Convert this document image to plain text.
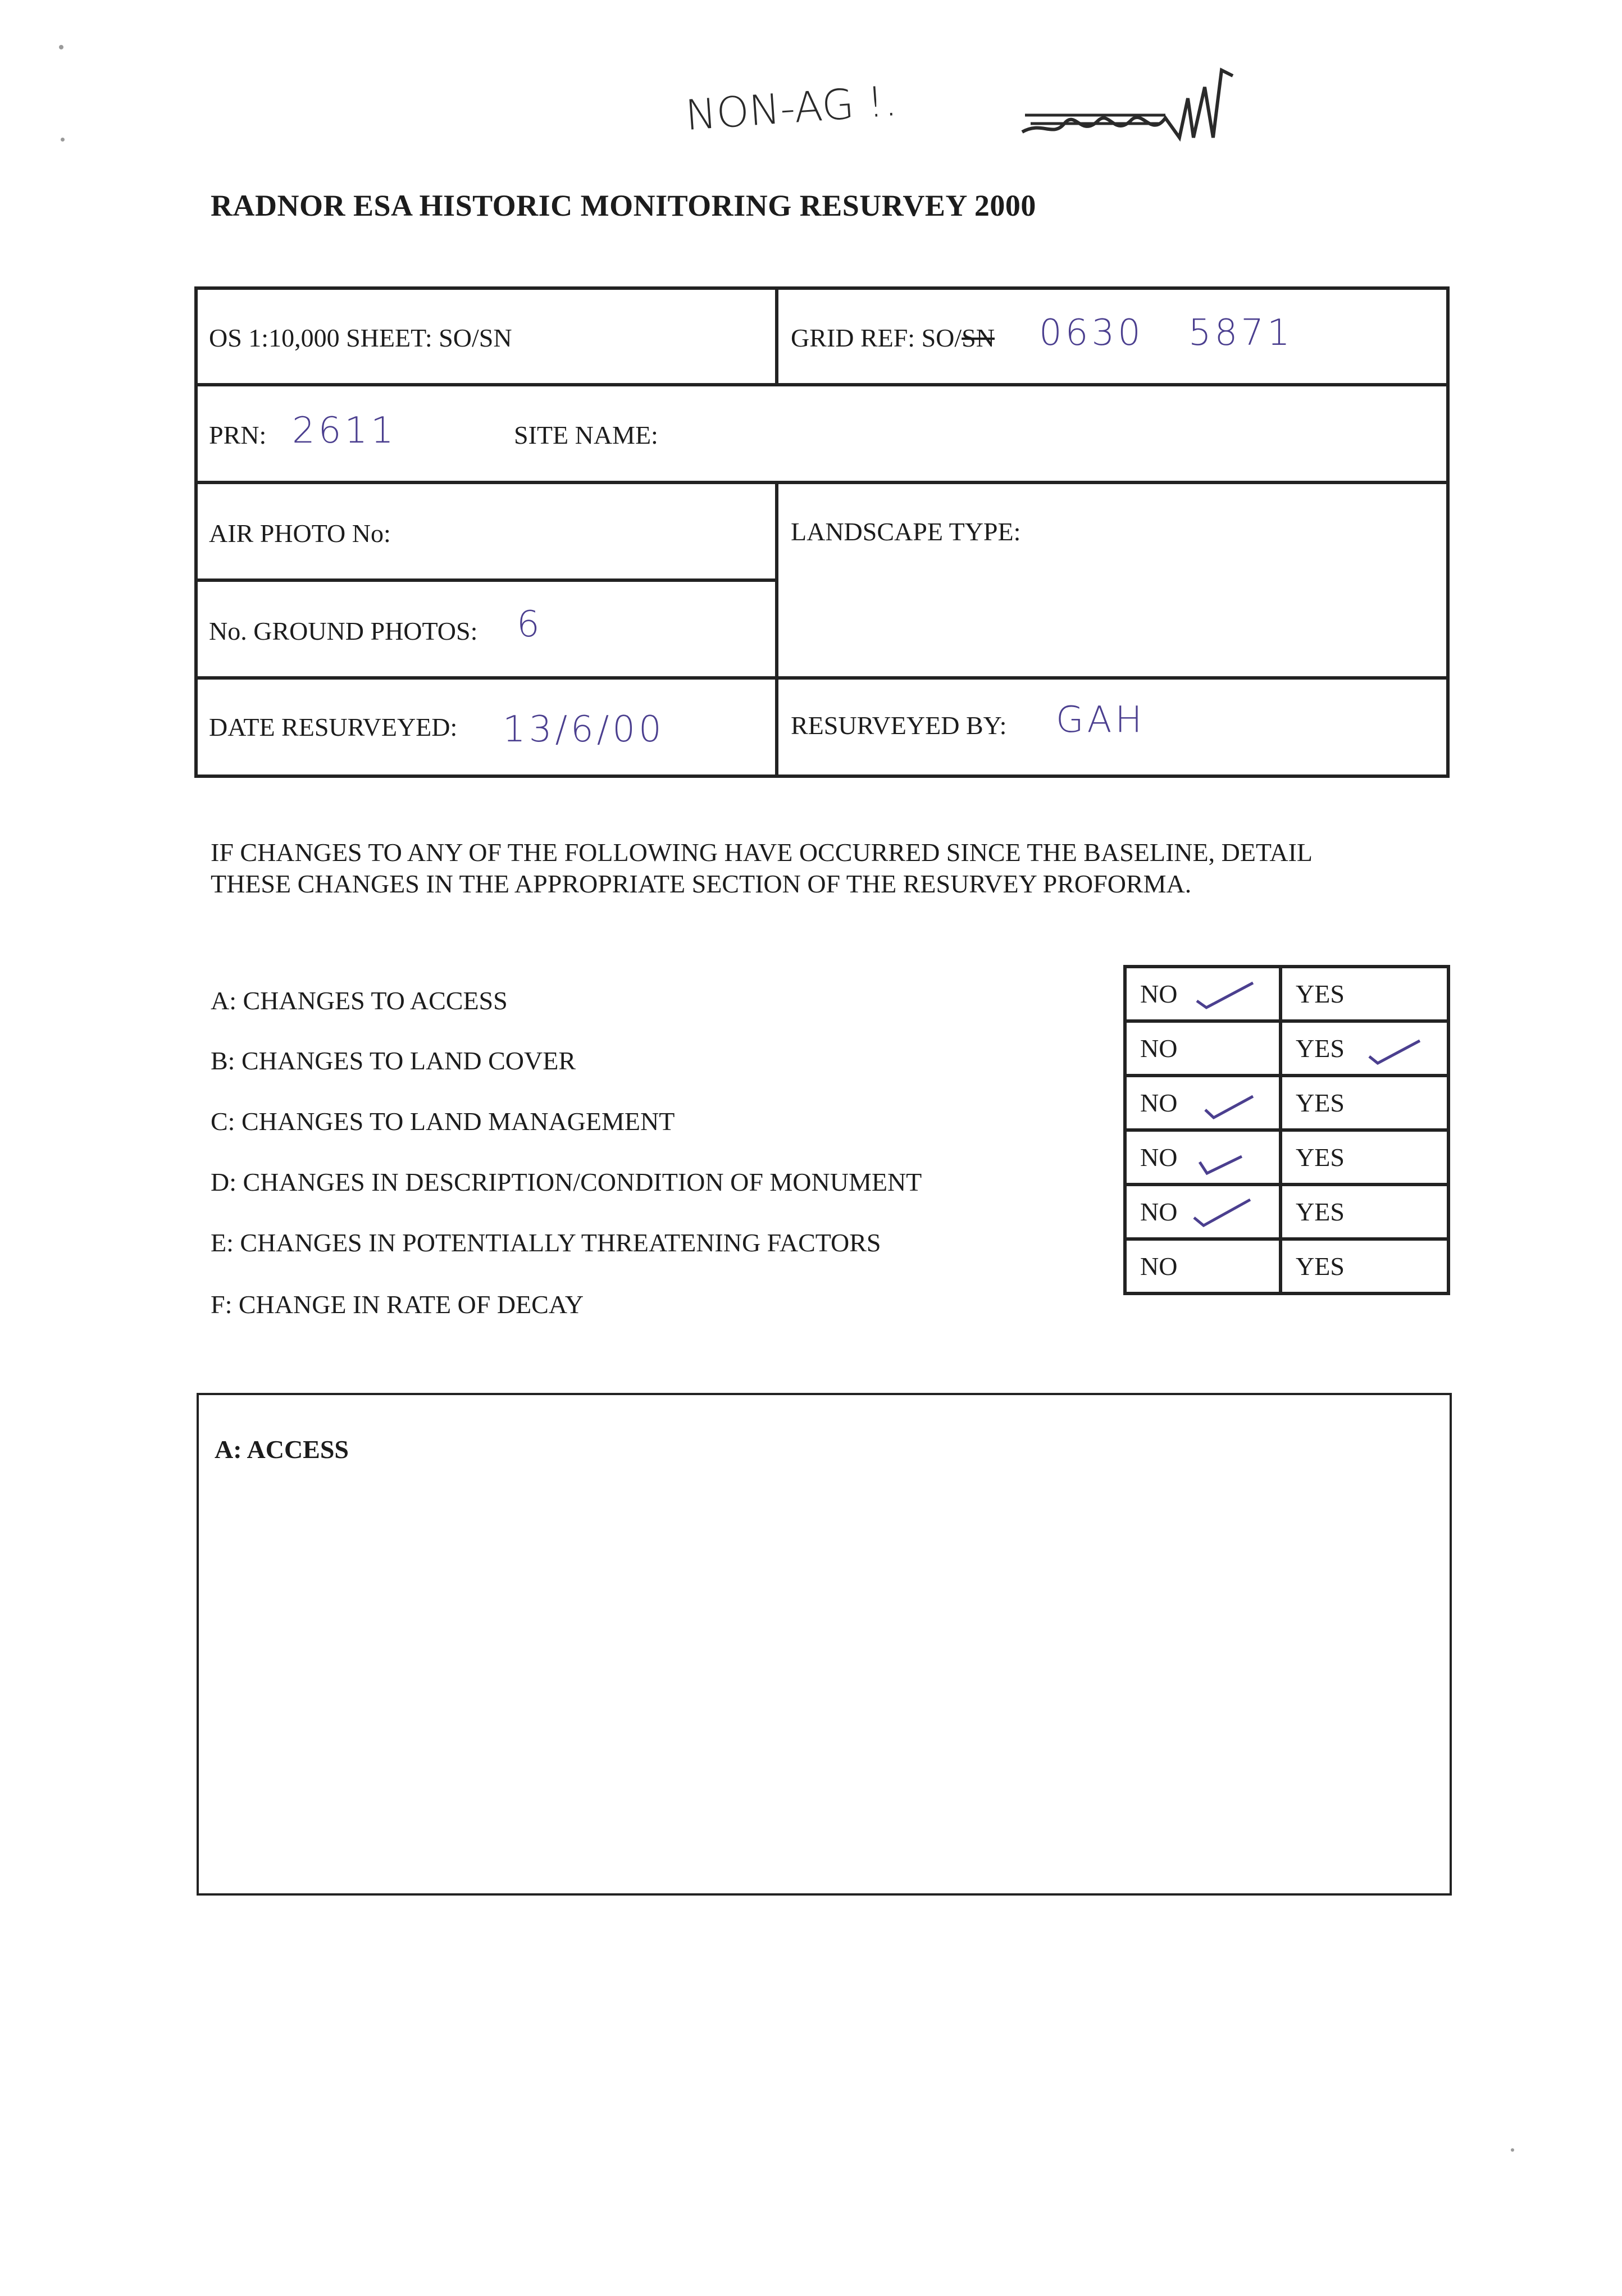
NON-AG !.
RADNOR ESA HISTORIC MONITORING RESURVEY 2000
OS 1:10,000 SHEET: SO/SN	GRID REF: SO/SN 0630   5871
PRN: 2611	SITE NAME:
AIR PHOTO No:	LANDSCAPE TYPE:
No. GROUND PHOTOS: 6
DATE RESURVEYED: 13/6/00	RESURVEYED BY: GAH
IF CHANGES TO ANY OF THE FOLLOWING HAVE OCCURRED SINCE THE BASELINE, DETAIL
THESE CHANGES IN THE APPROPRIATE SECTION OF THE RESURVEY PROFORMA.
A: CHANGES TO ACCESS
B: CHANGES TO LAND COVER
C: CHANGES TO LAND MANAGEMENT
D: CHANGES IN DESCRIPTION/CONDITION OF MONUMENT
E: CHANGES IN POTENTIALLY THREATENING FACTORS
F: CHANGE IN RATE OF DECAY
NO	YES
NO	YES

NO	YES
NO	YES
NO	YES
NO	YES
A: ACCESS
